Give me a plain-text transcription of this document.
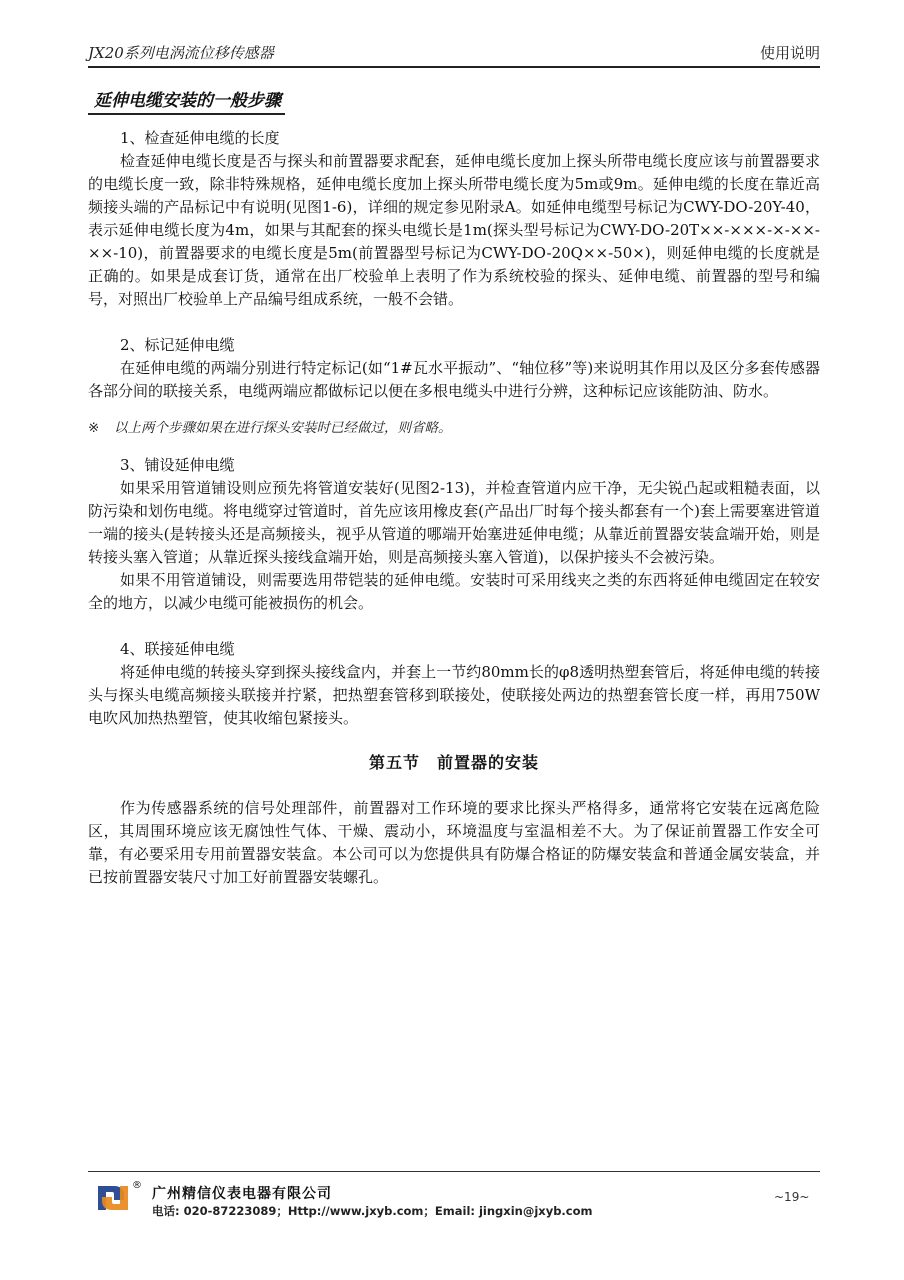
JX20系列电涡流位移传感器	使用说明
延伸电缆安装的一般步骤

1、检查延伸电缆的长度

检查延伸电缆长度是否与探头和前置器要求配套，延伸电缆长度加上探头所带电缆长度应该与前置器要求的电缆长度一致，除非特殊规格，延伸电缆长度加上探头所带电缆长度为5m或9m。延伸电缆的长度在靠近高频接头端的产品标记中有说明(见图1-6)，详细的规定参见附录A。如延伸电缆型号标记为CWY-DO-20Y-40，表示延伸电缆长度为4m，如果与其配套的探头电缆长是1m(探头型号标记为CWY-DO-20T××-×××-×-××-××-10)，前置器要求的电缆长度是5m(前置器型号标记为CWY-DO-20Q××-50×)，则延伸电缆的长度就是正确的。如果是成套订货，通常在出厂校验单上表明了作为系统校验的探头、延伸电缆、前置器的型号和编号，对照出厂校验单上产品编号组成系统，一般不会错。

2、标记延伸电缆

在延伸电缆的两端分别进行特定标记(如“1#瓦水平振动”、“轴位移”等)来说明其作用以及区分多套传感器各部分间的联接关系，电缆两端应都做标记以便在多根电缆头中进行分辨，这种标记应该能防油、防水。

※ 以上两个步骤如果在进行探头安装时已经做过，则省略。

3、铺设延伸电缆

如果采用管道铺设则应预先将管道安装好(见图2-13)，并检查管道内应干净，无尖锐凸起或粗糙表面，以防污染和划伤电缆。将电缆穿过管道时，首先应该用橡皮套(产品出厂时每个接头都套有一个)套上需要塞进管道一端的接头(是转接头还是高频接头，视乎从管道的哪端开始塞进延伸电缆；从靠近前置器安装盒端开始，则是转接头塞入管道；从靠近探头接线盒端开始，则是高频接头塞入管道)，以保护接头不会被污染。

如果不用管道铺设，则需要选用带铠装的延伸电缆。安装时可采用线夹之类的东西将延伸电缆固定在较安全的地方，以减少电缆可能被损伤的机会。

4、联接延伸电缆

将延伸电缆的转接头穿到探头接线盒内，并套上一节约80mm长的φ8透明热塑套管后，将延伸电缆的转接头与探头电缆高频接头联接并拧紧，把热塑套管移到联接处，使联接处两边的热塑套管长度一样，再用750W电吹风加热热塑管，使其收缩包紧接头。

第五节　前置器的安装

作为传感器系统的信号处理部件，前置器对工作环境的要求比探头严格得多，通常将它安装在远离危险区，其周围环境应该无腐蚀性气体、干燥、震动小，环境温度与室温相差不大。为了保证前置器工作安全可靠，有必要采用专用前置器安装盒。本公司可以为您提供具有防爆合格证的防爆安装盒和普通金属安装盒，并已按前置器安装尺寸加工好前置器安装螺孔。

®
广州精信仪表电器有限公司
电话: 020-87223089；Http://www.jxyb.com；Email: jingxin@jxyb.com
~19~
